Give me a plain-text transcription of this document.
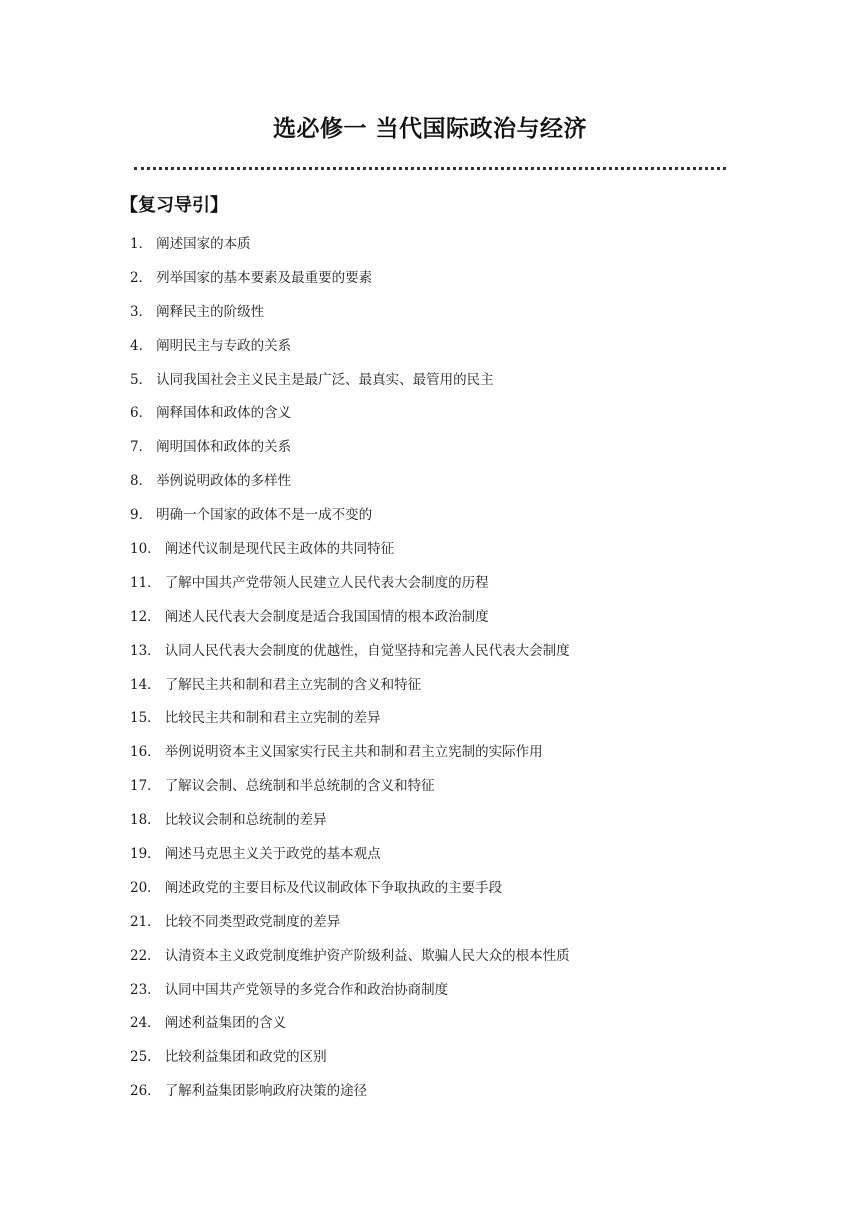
选必修一 当代国际政治与经济
【复习导引】
1． 阐述国家的本质
2． 列举国家的基本要素及最重要的要素
3． 阐释民主的阶级性
4． 阐明民主与专政的关系
5． 认同我国社会主义民主是最广泛、最真实、最管用的民主
6． 阐释国体和政体的含义
7． 阐明国体和政体的关系
8． 举例说明政体的多样性
9． 明确一个国家的政体不是一成不变的
10． 阐述代议制是现代民主政体的共同特征
11． 了解中国共产党带领人民建立人民代表大会制度的历程
12． 阐述人民代表大会制度是适合我国国情的根本政治制度
13． 认同人民代表大会制度的优越性，自觉坚持和完善人民代表大会制度
14． 了解民主共和制和君主立宪制的含义和特征
15． 比较民主共和制和君主立宪制的差异
16． 举例说明资本主义国家实行民主共和制和君主立宪制的实际作用
17． 了解议会制、总统制和半总统制的含义和特征
18． 比较议会制和总统制的差异
19． 阐述马克思主义关于政党的基本观点
20． 阐述政党的主要目标及代议制政体下争取执政的主要手段
21． 比较不同类型政党制度的差异
22． 认清资本主义政党制度维护资产阶级利益、欺骗人民大众的根本性质
23． 认同中国共产党领导的多党合作和政治协商制度
24． 阐述利益集团的含义
25． 比较利益集团和政党的区别
26． 了解利益集团影响政府决策的途径
